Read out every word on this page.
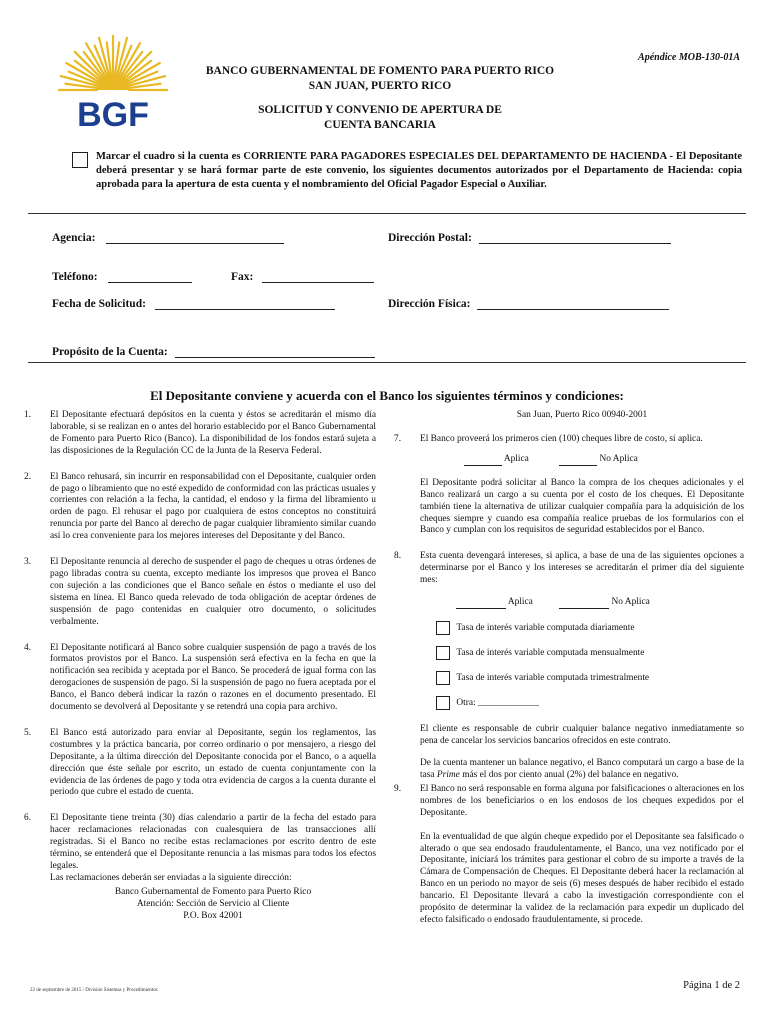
Apéndice MOB-130-01A
BGF
BANCO GUBERNAMENTAL DE FOMENTO PARA PUERTO RICO
SAN JUAN, PUERTO RICO
SOLICITUD Y CONVENIO DE APERTURA DE
CUENTA BANCARIA
Marcar el cuadro si la cuenta es CORRIENTE PARA PAGADORES ESPECIALES DEL DEPARTAMENTO DE HACIENDA - El Depositante deberá presentar y se hará formar parte de este convenio, los siguientes documentos autorizados por el Departamento de Hacienda: copia aprobada para la apertura de esta cuenta y el nombramiento del Oficial Pagador Especial o Auxiliar.
Agencia:	Dirección Postal:
Teléfono:	Fax:
Fecha de Solicitud:	Dirección Física:
Propósito de la Cuenta:
El Depositante conviene y acuerda con el Banco los siguientes términos y condiciones:
1.	El Depositante efectuará depósitos en la cuenta y éstos se acreditarán el mismo día laborable, si se realizan en o antes del horario establecido por el Banco Gubernamental de Fomento para Puerto Rico (Banco). La disponibilidad de los fondos estará sujeta a las disposiciones de la Regulación CC de la Junta de la Reserva Federal.
2.	El Banco rehusará, sin incurrir en responsabilidad con el Depositante, cualquier orden de pago o libramiento que no esté expedido de conformidad con las prácticas usuales y corrientes con relación a la fecha, la cantidad, el endoso y la firma del libramiento u orden de pago. El rehusar el pago por cualquiera de estos conceptos no constituirá renuncia por parte del Banco al derecho de pagar cualquier libramiento similar cuando así lo crea conveniente para los mejores intereses del Depositante y del Banco.
3.	El Depositante renuncia al derecho de suspender el pago de cheques u otras órdenes de pago libradas contra su cuenta, excepto mediante los impresos que provea el Banco con sujeción a las condiciones que el Banco señale en éstos o mediante el uso del sistema en línea. El Banco queda relevado de toda obligación de aceptar órdenes de suspensión de pago contenidas en cualquier otro documento, o solicitudes verbalmente.
4.	El Depositante notificará al Banco sobre cualquier suspensión de pago a través de los formatos provistos por el Banco. La suspensión será efectiva en la fecha en que la notificación sea recibida y aceptada por el Banco. Se procederá de igual forma con las derogaciones de suspensión de pago. Si la suspensión de pago no fuera aceptada por el Banco, el Banco deberá indicar la razón o razones en el documento presentado. El documento se devolverá al Depositante y se retendrá una copia para archivo.
5.	El Banco está autorizado para enviar al Depositante, según los reglamentos, las costumbres y la práctica bancaria, por correo ordinario o por mensajero, a riesgo del Depositante, a la última dirección del Depositante conocida por el Banco, o a aquella dirección que éste señale por escrito, un estado de cuenta conjuntamente con la evidencia de las órdenes de pago y toda otra evidencia de cargos a la cuenta durante el periodo que cubre el estado de cuenta.
6.	El Depositante tiene treinta (30) días calendario a partir de la fecha del estado para hacer reclamaciones relacionadas con cualesquiera de las transacciones allí registradas. Si el Banco no recibe estas reclamaciones por escrito dentro de este término, se entenderá que el Depositante renuncia a las mismas para todos los efectos legales.
Las reclamaciones deberán ser enviadas a la siguiente dirección:
Banco Gubernamental de Fomento para Puerto Rico
Atención: Sección de Servicio al Cliente
P.O. Box 42001
San Juan, Puerto Rico 00940-2001
7.	El Banco proveerá los primeros cien (100) cheques libre de costo, si aplica.
Aplica	No Aplica
El Depositante podrá solicitar al Banco la compra de los cheques adicionales y el Banco realizará un cargo a su cuenta por el costo de los cheques. El Depositante también tiene la alternativa de utilizar cualquier compañía para la adquisición de los cheques siempre y cuando esa compañía realice pruebas de los formularios con el Banco y cumplan con los requisitos de seguridad establecidos por el Banco.
8.	Esta cuenta devengará intereses, si aplica, a base de una de las siguientes opciones a determinarse por el Banco y los intereses se acreditarán el primer día del siguiente mes:
Aplica	No Aplica
Tasa de interés variable computada diariamente
Tasa de interés variable computada mensualmente
Tasa de interés variable computada trimestralmente
Otra: _____________
El cliente es responsable de cubrir cualquier balance negativo inmediatamente so pena de cancelar los servicios bancarios ofrecidos en este contrato.
De la cuenta mantener un balance negativo, el Banco computará un cargo a base de la tasa Prime más el dos por ciento anual (2%) del balance en negativo.
9.	El Banco no será responsable en forma alguna por falsificaciones o alteraciones en los nombres de los beneficiarios o en los endosos de los cheques expedidos por el Depositante.
En la eventualidad de que algún cheque expedido por el Depositante sea falsificado o alterado o que sea endosado fraudulentamente, el Banco, una vez notificado por el Depositante, iniciará los trámites para gestionar el cobro de su importe a través de la Cámara de Compensación de Cheques. El Depositante deberá hacer la reclamación al Banco en un periodo no mayor de seis (6) meses después de haber recibido el estado bancario. El Depositante llevará a cabo la investigación correspondiente con el propósito de determinar la validez de la reclamación para expedir un duplicado del efecto falsificado o endosado fraudulentamente, si procede.
22 de septiembre de 2015 / División Sistemas y Procedimientos	Página 1 de 2
